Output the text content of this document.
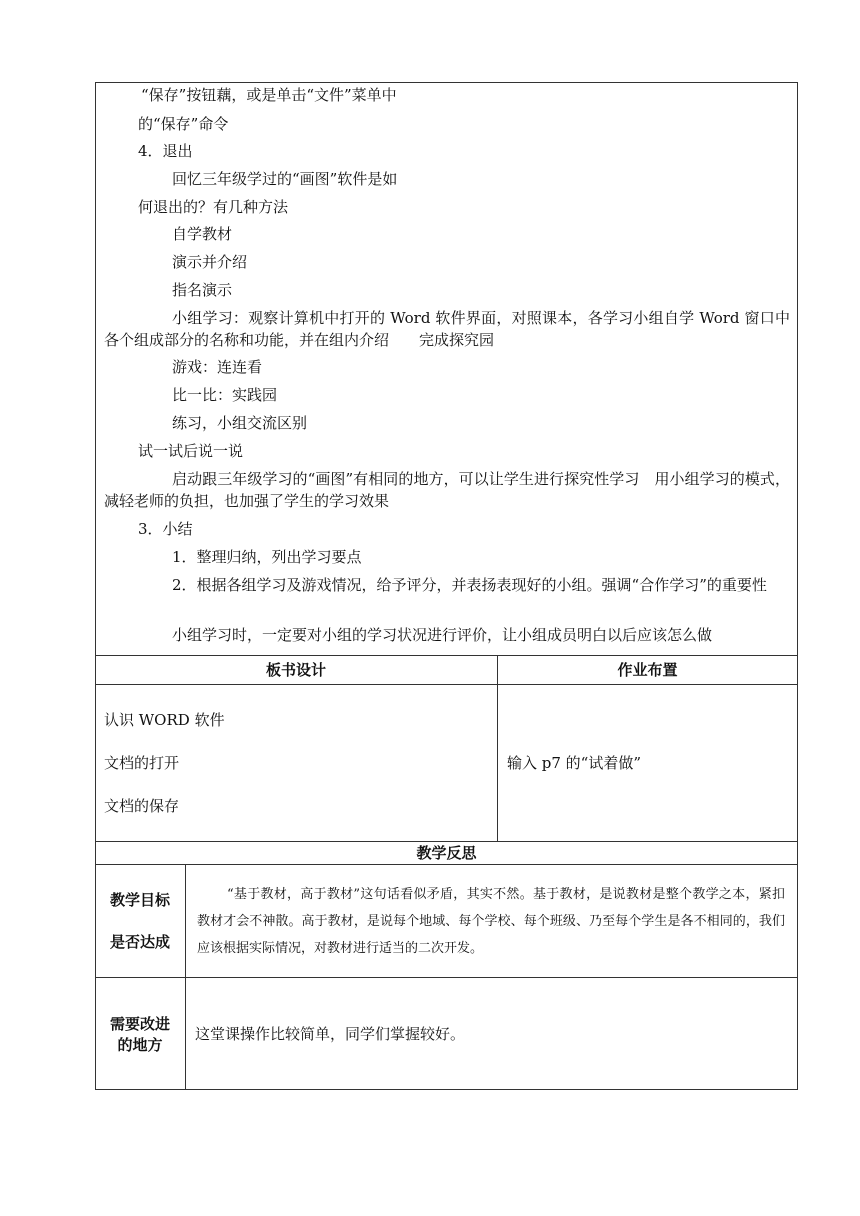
“保存”按钮藕，或是单击“文件”菜单中
的“保存”命令
4．退出
回忆三年级学过的“画图”软件是如
何退出的？有几种方法
自学教材
演示并介绍
指名演示
小组学习：观察计算机中打开的 Word 软件界面，对照课本，各学习小组自学 Word 窗口中各个组成部分的名称和功能，并在组内介绍　　完成探究园
游戏：连连看
比一比：实践园
练习，小组交流区别
试一试后说一说
启动跟三年级学习的“画图”有相同的地方，可以让学生进行探究性学习　用小组学习的模式，减轻老师的负担，也加强了学生的学习效果
3．小结
1．整理归纳，列出学习要点
2．根据各组学习及游戏情况，给予评分，并表扬表现好的小组。强调“合作学习”的重要性
小组学习时，一定要对小组的学习状况进行评价，让小组成员明白以后应该怎么做
板书设计	作业布置
认识 WORD 软件
文档的打开
文档的保存
输入 p7 的“试着做”
教学反思
教学目标
是否达成
“基于教材，高于教材”这句话看似矛盾，其实不然。基于教材，是说教材是整个教学之本，紧扣教材才会不神散。高于教材，是说每个地域、每个学校、每个班级、乃至每个学生是各不相同的，我们应该根据实际情况，对教材进行适当的二次开发。
需要改进
的地方
这堂课操作比较简单，同学们掌握较好。
